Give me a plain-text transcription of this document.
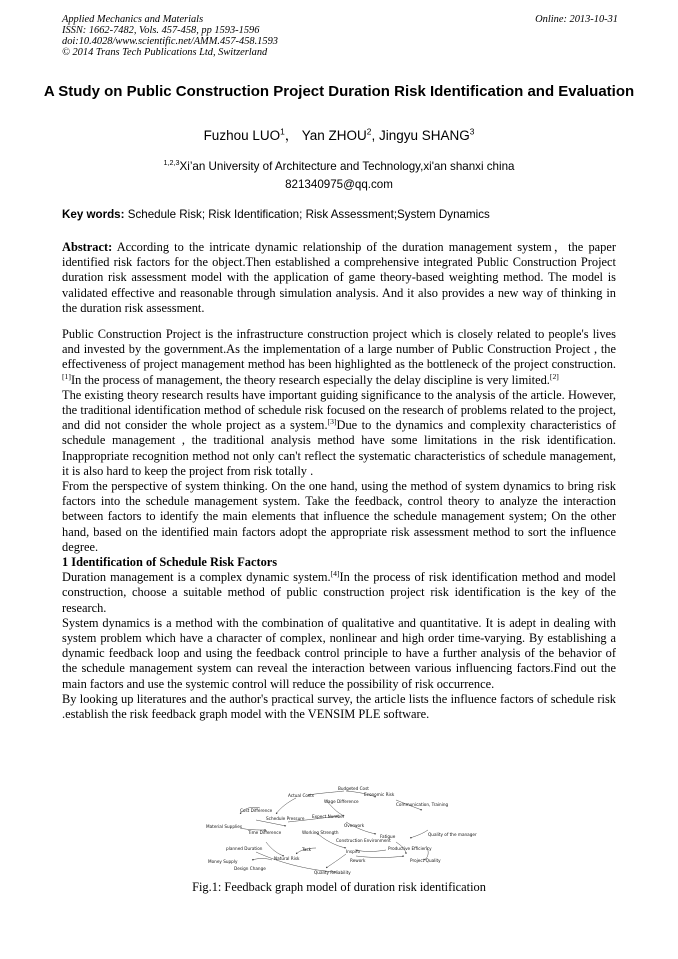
Applied Mechanics and Materials
ISSN: 1662-7482, Vols. 457-458, pp 1593-1596
doi:10.4028/www.scientific.net/AMM.457-458.1593
© 2014 Trans Tech Publications Ltd, Switzerland
Online: 2013-10-31
A Study on Public Construction Project Duration Risk Identification and Evaluation
Fuzhou LUO$^1$， Yan ZHOU$^2$, Jingyu SHANG$^3$
$^{1,2,3}$Xi’an University of Architecture and Technology,xi'an shanxi china
821340975@qq.com
Key words: Schedule Risk; Risk Identification; Risk Assessment;System Dynamics
Abstract: According to the intricate dynamic relationship of the duration management system，the paper identified risk factors for the object.Then established a comprehensive integrated Public Construction Project duration risk assessment model with the application of game theory-based weighting method. The model is validated effective and reasonable through simulation analysis. And it also provides a new way of thinking in the duration risk assessment.

Public Construction Project is the infrastructure construction project which is closely related to people's lives and invested by the government.As the implementation of a large number of Public Construction Project , the effectiveness of project management method has been highlighted as the bottleneck of the project construction.[1]In the process of management, the theory research especially the delay discipline is very limited.[2]

The existing theory research results have important guiding significance to the analysis of the article. However, the traditional identification method of schedule risk focused on the research of problems related to the project, and did not consider the whole project as a system.[3]Due to the dynamics and complexity characteristics of schedule management , the traditional analysis method have some limitations in the risk identification. Inappropriate recognition method not only can't reflect the systematic characteristics of schedule management, it is also hard to keep the project from risk totally .

From the perspective of system thinking. On the one hand, using the method of system dynamics to bring risk factors into the schedule management system. Take the feedback, control theory to analyze the interaction between factors to identify the main elements that influence the schedule management system; On the other hand, based on the identified main factors adopt the appropriate risk assessment method to sort the influence degree.

1 Identification of Schedule Risk Factors

Duration management is a complex dynamic system.[4]In the process of risk identification method and model construction, choose a suitable method of public construction project risk identification is the key of the research.

System dynamics is a method with the combination of qualitative and quantitative. It is adept in dealing with system problem which have a character of complex, nonlinear and high order time-varying. By establishing a dynamic feedback loop and using the feedback control principle to have a further analysis of the behavior of the schedule management system can reveal the interaction between various influencing factors.Find out the main factors and use the systemic control will reduce the possibility of risk occurrence.

By looking up literatures and the author's practical survey, the article lists the influence factors of schedule risk .establish the risk feedback graph model with the VENSIM PLE software.

Budgeted Cost
Actual Costs	Economic Risk
Wage Difference
Cost Difference
Communication, Training
Schedule Pressure Expect Number
Material Supplies
Time Difference
Overwork
Working Strength
Fatigue	Quality of the manager
planned Duration
Construction Environment
Productive Efficiency
Task	Inspiro
Natural Risk
Money Supply
Design Change
Rework	Project Quality
Quality Reliability
Fig.1: Feedback graph model of duration risk identification
